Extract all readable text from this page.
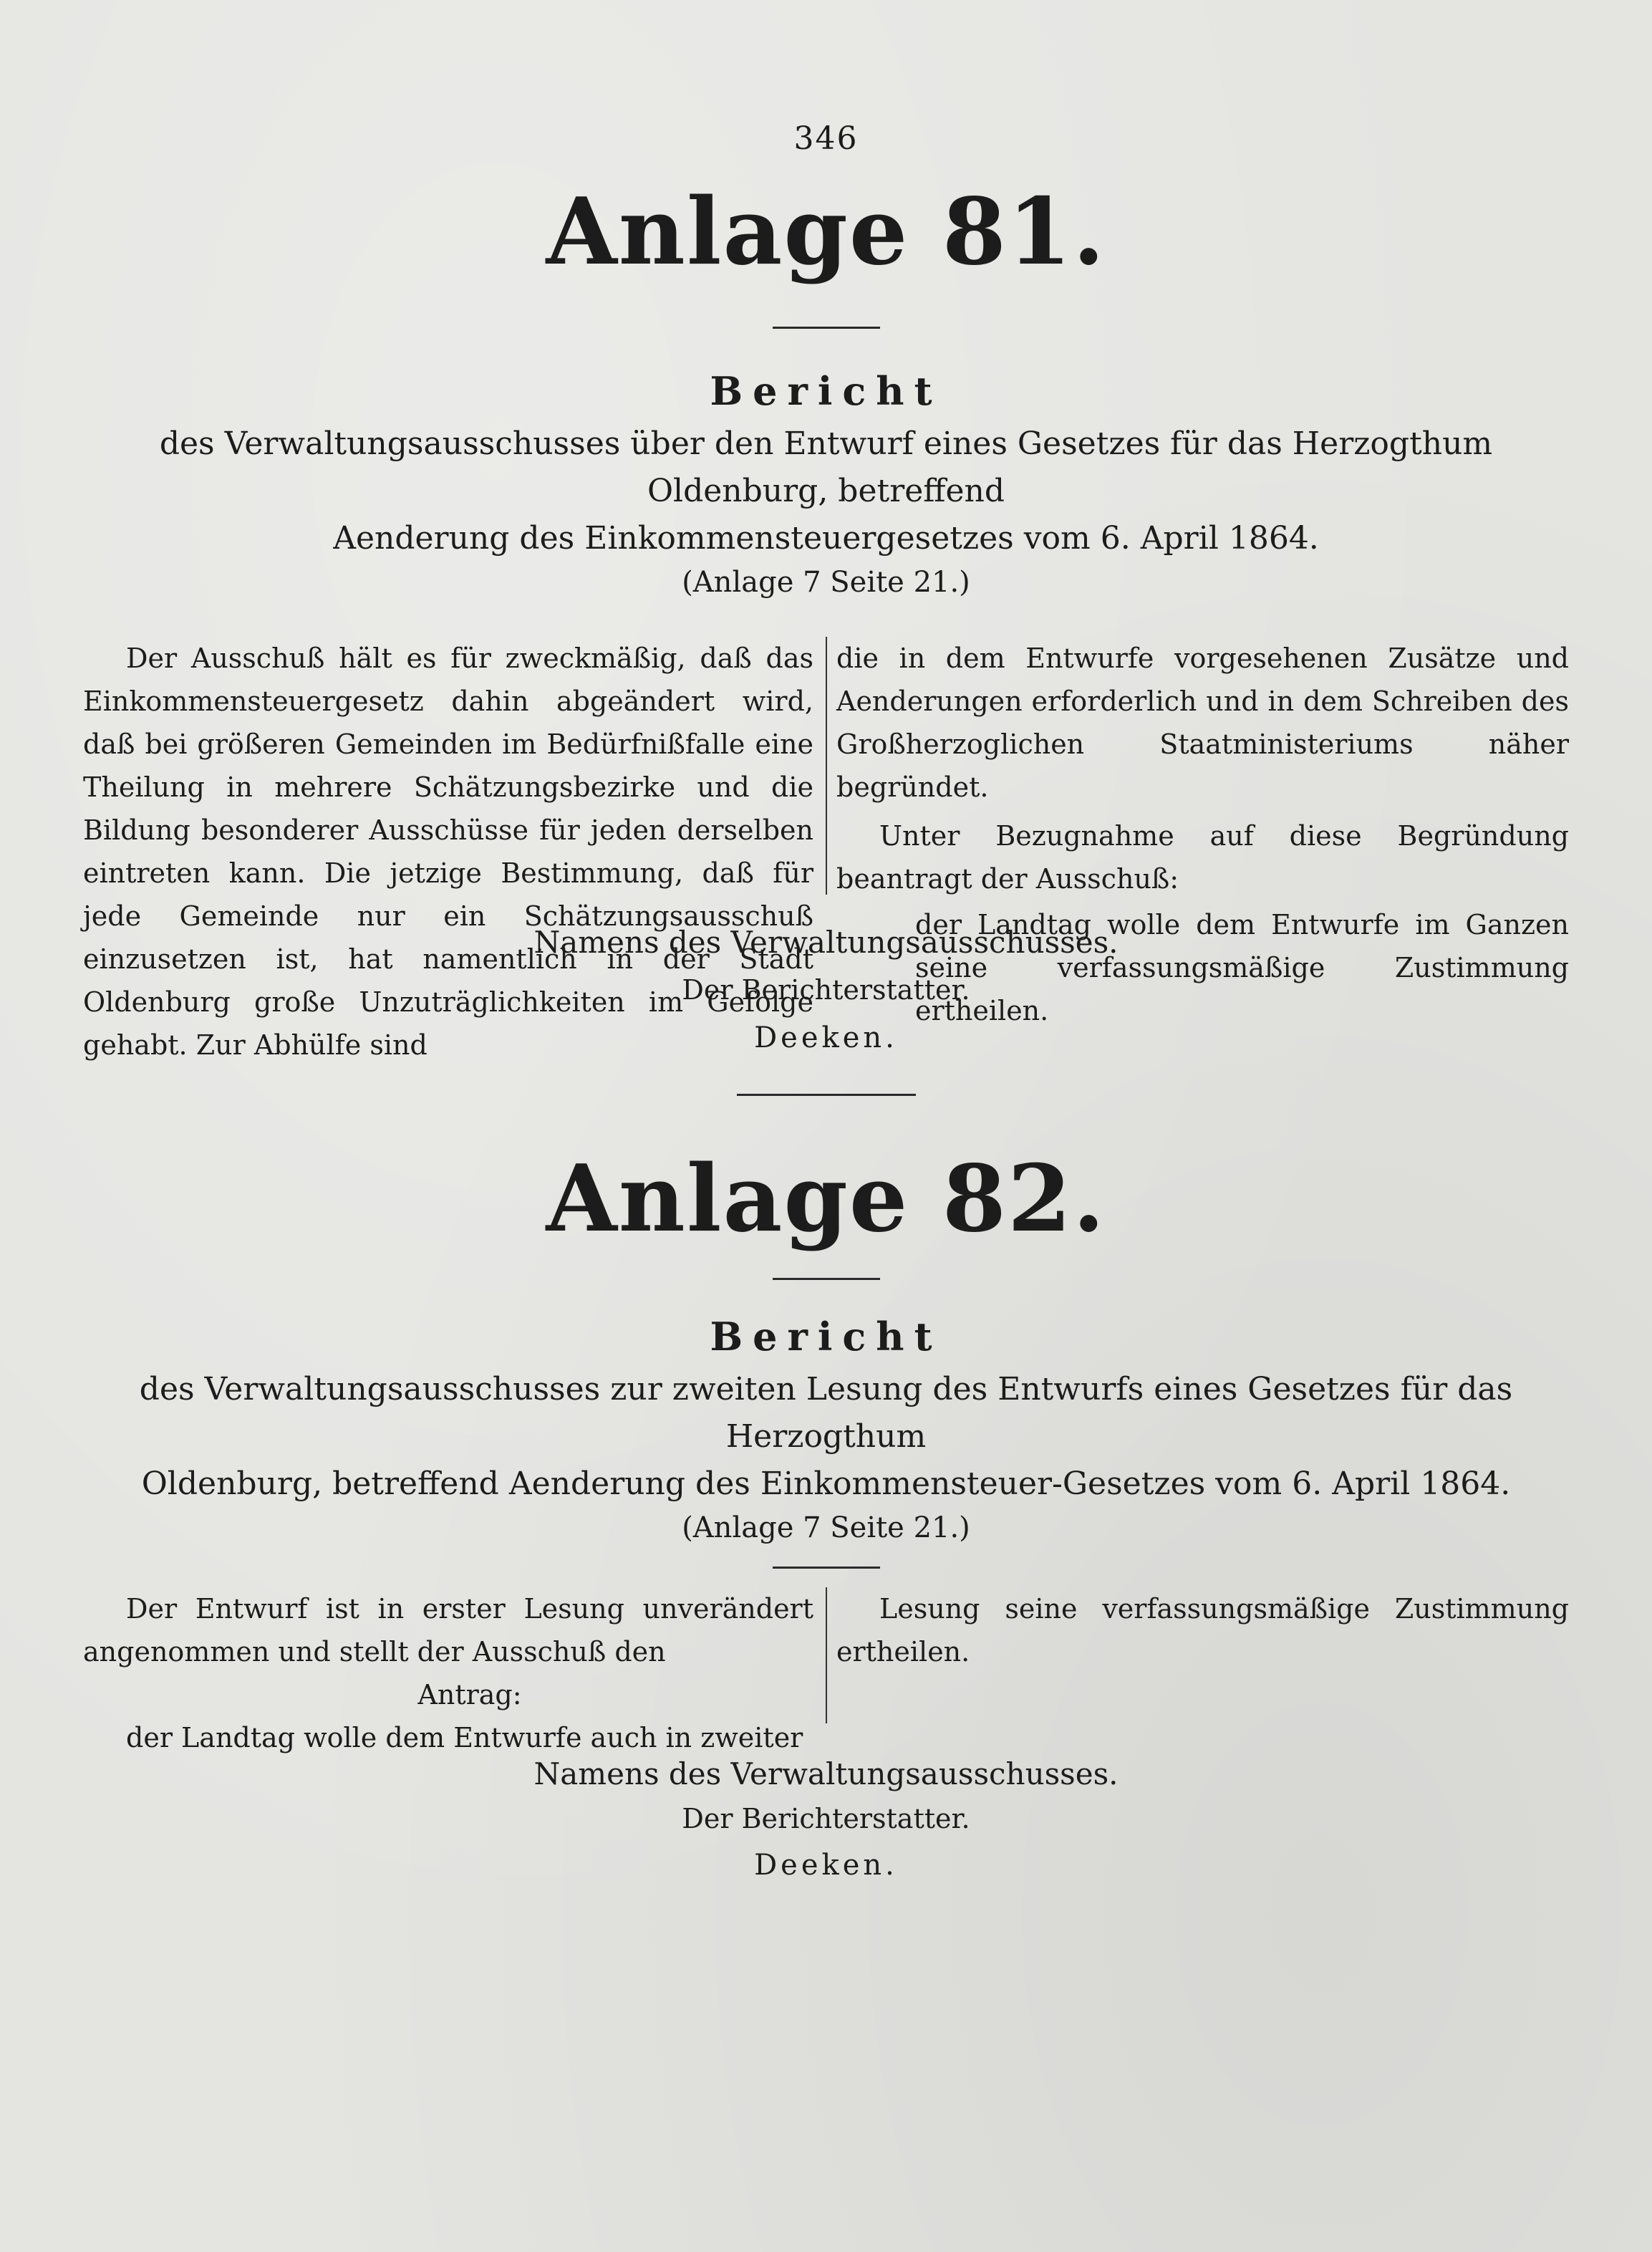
346
Anlage 81.
Bericht
des Verwaltungsausschusses über den Entwurf eines Gesetzes für das Herzogthum Oldenburg, betreffend
Aenderung des Einkommensteuergesetzes vom 6. April 1864.
(Anlage 7 Seite 21.)

Der Ausschuß hält es für zweckmäßig, daß das Einkommensteuergesetz dahin abgeändert wird, daß bei größeren Gemeinden im Bedürfnißfalle eine Theilung in mehrere Schätzungsbezirke und die Bildung besonderer Ausschüsse für jeden derselben eintreten kann. Die jetzige Bestimmung, daß für jede Gemeinde nur ein Schätzungsausschuß einzusetzen ist, hat namentlich in der Stadt Oldenburg große Unzuträglichkeiten im Gefolge gehabt. Zur Abhülfe sind

die in dem Entwurfe vorgesehenen Zusätze und Aenderungen erforderlich und in dem Schreiben des Großherzoglichen Staatministeriums näher begründet.

Unter Bezugnahme auf diese Begründung beantragt der Ausschuß:

der Landtag wolle dem Entwurfe im Ganzen seine verfassungsmäßige Zustimmung ertheilen.

Namens des Verwaltungsausschusses.
Der Berichterstatter.
Deeken.
Anlage 82.
Bericht
des Verwaltungsausschusses zur zweiten Lesung des Entwurfs eines Gesetzes für das Herzogthum
Oldenburg, betreffend Aenderung des Einkommensteuer-Gesetzes vom 6. April 1864.
(Anlage 7 Seite 21.)

Der Entwurf ist in erster Lesung unverändert angenommen und stellt der Ausschuß den

Antrag:

der Landtag wolle dem Entwurfe auch in zweiter

Lesung seine verfassungsmäßige Zustimmung ertheilen.

Namens des Verwaltungsausschusses.
Der Berichterstatter.
Deeken.
